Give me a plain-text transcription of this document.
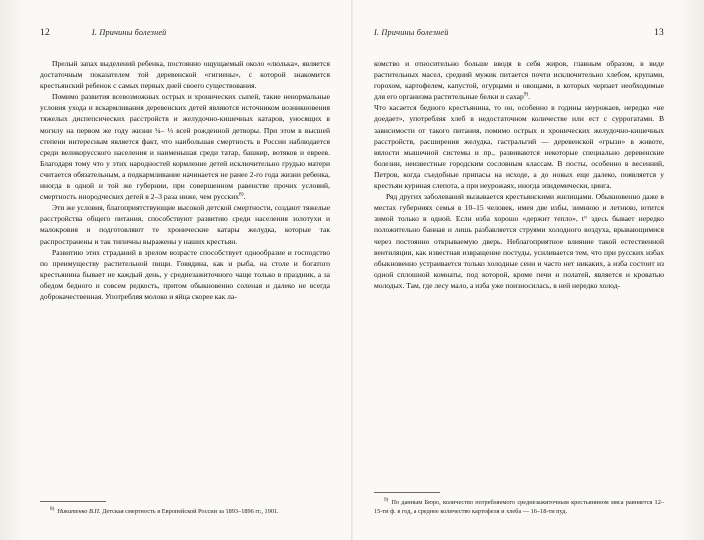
12	I. Причины болезней

Прелый запах выделений ребенка, постоянно ощущаемый около «люлька», является достаточным показателем той деревенской «гигиены», с которой знакомится крестьянский ребенок с самых первых дней своего существования.

Помимо развития всевозможных острых и хронических сыпей, такие ненормальные условия ухода и вскармливания деревенских детей являются источником возникновения тяжелых диспепсических расстройств и желудочно-кишечных катаров, уносящих в могилу на первом же году жизни ¼– ⅓ всей рожденной детворы. При этом в высшей степени интересным является факт, что наибольшая смертность в России наблюдается среди великорусского населения и наименьшая среди татар, башкир, вотяков и евреев. Благодаря тому что у этих народностей кормление детей исключительно грудью матери считается обязательным, а подкармливание начинается не ранее 2-го года жизни ребенка, иногда в одной и той же губернии, при совершенном равенстве прочих условий, смертность инородческих детей в 2–3 раза ниже, чем русских$^{8)}$.

Эти же условия, благоприятствующие высокой детской смертности, создают тяжелые расстройства общего питания, способствуют развитию среди населения золотухи и малокровия и подготовляют те хронические катары желудка, которые так распространены и так типичны выражены у наших крестьян.

Развитию этих страданий в зрелом возрасте способствует однообразие и господство по преимуществу растительной пищи. Говядина, как и рыба, на столе и богатого крестьянина бывает не каждый день, у среднезажиточного чаще только в праздник, а за обедом бедного и совсем редкость, притом обыкновенно соленая и далеко не всегда доброкачественная. Употребляя молоко и яйца скорее как ла-

$^{8)}$ Никитенко В.П. Детская смертность в Европейской России за 1893–1896 гг., 1901.
I. Причины болезней	13

комство и относительно больше вводя в себя жиров, главным образом, в виде растительных масел, средний мужик питается почти исключительно хлебом, крупами, горохом, картофелем, капустой, огурцами и овощами, в которых черпает необходимые для его организма растительные белки и сахар$^{9)}$.

Что касается бедного крестьянина, то он, особенно в годины неурожаев, нередко «не доедает», употребляя хлеб в недостаточном количестве или ест с суррогатами. В зависимости от такого питания, помимо острых и хронических желудочно-кишечных расстройств, расширения желудка, гастральгий — деревенской «грызи» в животе, вялости мышечной системы и пр., развиваются некоторые специально деревенские болезни, неизвестные городским сословным классам. В посты, особенно в весенний, Петров, когда съедобные припасы на исходе, а до новых еще далеко, появляется у крестьян куриная слепота, а при неурожаях, иногда эпидемически, цинга.

Ряд других заболеваний вызывается крестьянскими жилищами. Обыкновенно даже в местах губерниях семья в 10–15 человек, имея две избы, зимнюю и летнюю, ютится зимой только в одной. Если изба хорошо «держит тепло», t° здесь бывает нередко положительно банная и лишь разбавляется струями холодного воздуха, врывающимися через постоянно открываемую дверь. Неблагоприятное влияние такой естественной вентиляции, как известная извращение постуды, усиливается тем, что при русских избах обыкновенно устраивается только холодные сени и часто нет никаких, а изба состоит из одной сплошной комнаты, под которой, кроме печи и полатей, является и кроватью молодых. Там, где лесу мало, а изба уже поизносилась, в ней нередко холод-

$^{9)}$ По данным Бюро, количество потребляемого среднезажиточным крестьянином мяса равняется 12–15-ти ф. в год, а среднее количество картофеля и хлеба — 16–18-ти пуд.
